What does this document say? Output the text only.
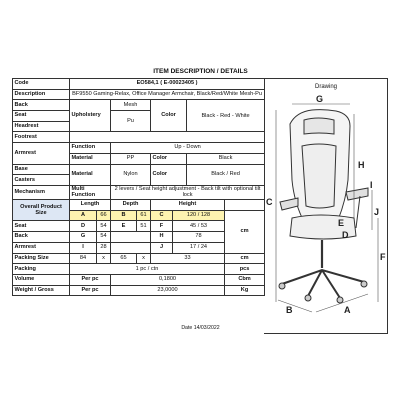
ITEM DESCRIPTION / DETAILS
Code	EO584,1 ( E-00023405 )							
Description	BF9550 Gaming-Relax, Office Manager Armchair, Black/Red/White Mesh-Pu							
Back	Upholstery		Mesh		Color		Black - Red - White	
Seat			Pu					
Headrest								
Footrest								
Armrest	Function		Up - Down					
	Material		PP		Color		Black	
Base	Material		Nylon		Color		Black / Red	
Casters								
Mechanism	Multi Function		2 levers / Seat height adjustment - Back tilt with optional tilt lock					
Overall Product Size	Length		Depth		Height			
	A	66	B	61	C	120 / 128		cm
Seat	D	54	E	51	F	45 / 53		
Back	G	54			H	78		
Armrest	I	28			J	17 / 24		
Packing Size	84	x	65	x	33			cm
Packing	1 pc / ctn							pcs
Volume	Per pc		0,1800					Cbm
Weight / Gross	Per pc		23,0000					Kg
Drawing
G
H
I
J
C
E
D
F
B	A
Date 14/03/2022
